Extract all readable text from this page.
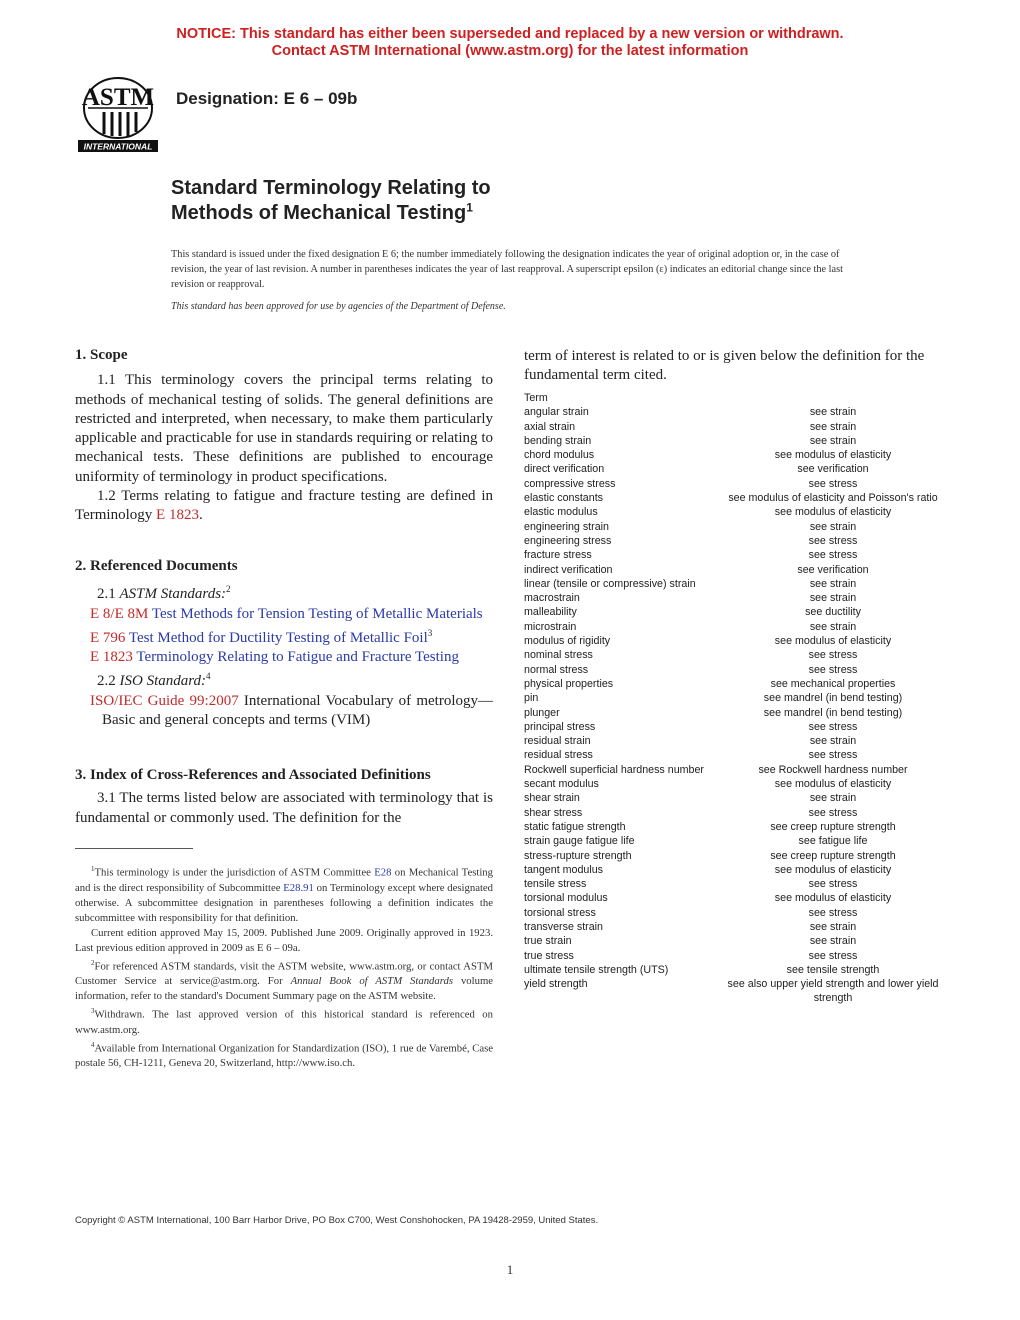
NOTICE: This standard has either been superseded and replaced by a new version or withdrawn.
Contact ASTM International (www.astm.org) for the latest information
ASTM
INTERNATIONAL
Designation: E 6 – 09b
Standard Terminology Relating to
Methods of Mechanical Testing$^1$
This standard is issued under the fixed designation E 6; the number immediately following the designation indicates the year of original adoption or, in the case of revision, the year of last revision. A number in parentheses indicates the year of last reapproval. A superscript epsilon (ε) indicates an editorial change since the last revision or reapproval.
This standard has been approved for use by agencies of the Department of Defense.

1. Scope

1.1 This terminology covers the principal terms relating to methods of mechanical testing of solids. The general definitions are restricted and interpreted, when necessary, to make them particularly applicable and practicable for use in standards requiring or relating to mechanical tests. These definitions are published to encourage uniformity of terminology in product specifications.

1.2 Terms relating to fatigue and fracture testing are defined in Terminology E 1823.

2. Referenced Documents

2.1 ASTM Standards:$^2$

E 8/E 8M Test Methods for Tension Testing of Metallic Materials

E 796 Test Method for Ductility Testing of Metallic Foil$^3$

E 1823 Terminology Relating to Fatigue and Fracture Testing

2.2 ISO Standard:$^4$

ISO/IEC Guide 99:2007 International Vocabulary of metrology—Basic and general concepts and terms (VIM)

3. Index of Cross-References and Associated Definitions

3.1 The terms listed below are associated with terminology that is fundamental or commonly used. The definition for the

$^1$This terminology is under the jurisdiction of ASTM Committee E28 on Mechanical Testing and is the direct responsibility of Subcommittee E28.91 on Terminology except where designated otherwise. A subcommittee designation in parentheses following a definition indicates the subcommittee with responsibility for that definition.

Current edition approved May 15, 2009. Published June 2009. Originally approved in 1923. Last previous edition approved in 2009 as E 6 – 09a.

$^2$For referenced ASTM standards, visit the ASTM website, www.astm.org, or contact ASTM Customer Service at service@astm.org. For Annual Book of ASTM Standards volume information, refer to the standard's Document Summary page on the ASTM website.

$^3$Withdrawn. The last approved version of this historical standard is referenced on www.astm.org.

$^4$Available from International Organization for Standardization (ISO), 1 rue de Varembé, Case postale 56, CH-1211, Geneva 20, Switzerland, http://www.iso.ch.

term of interest is related to or is given below the definition for the fundamental term cited.

Term
angular strain	see strain
axial strain	see strain
bending strain	see strain
chord modulus	see modulus of elasticity
direct verification	see verification
compressive stress	see stress
elastic constants	see modulus of elasticity and Poisson's ratio
elastic modulus	see modulus of elasticity
engineering strain	see strain
engineering stress	see stress
fracture stress	see stress
indirect verification	see verification
linear (tensile or compressive) strain	see strain
macrostrain	see strain
malleability	see ductility
microstrain	see strain
modulus of rigidity	see modulus of elasticity
nominal stress	see stress
normal stress	see stress
physical properties	see mechanical properties
pin	see mandrel (in bend testing)
plunger	see mandrel (in bend testing)
principal stress	see stress
residual strain	see strain
residual stress	see stress
Rockwell superficial hardness number	see Rockwell hardness number
secant modulus	see modulus of elasticity
shear strain	see strain
shear stress	see stress
static fatigue strength	see creep rupture strength
strain gauge fatigue life	see fatigue life
stress-rupture strength	see creep rupture strength
tangent modulus	see modulus of elasticity
tensile stress	see stress
torsional modulus	see modulus of elasticity
torsional stress	see stress
transverse strain	see strain
true strain	see strain
true stress	see stress
ultimate tensile strength (UTS)	see tensile strength
yield strength	see also upper yield strength and lower yield strength
Copyright © ASTM International, 100 Barr Harbor Drive, PO Box C700, West Conshohocken, PA 19428-2959, United States.
1
